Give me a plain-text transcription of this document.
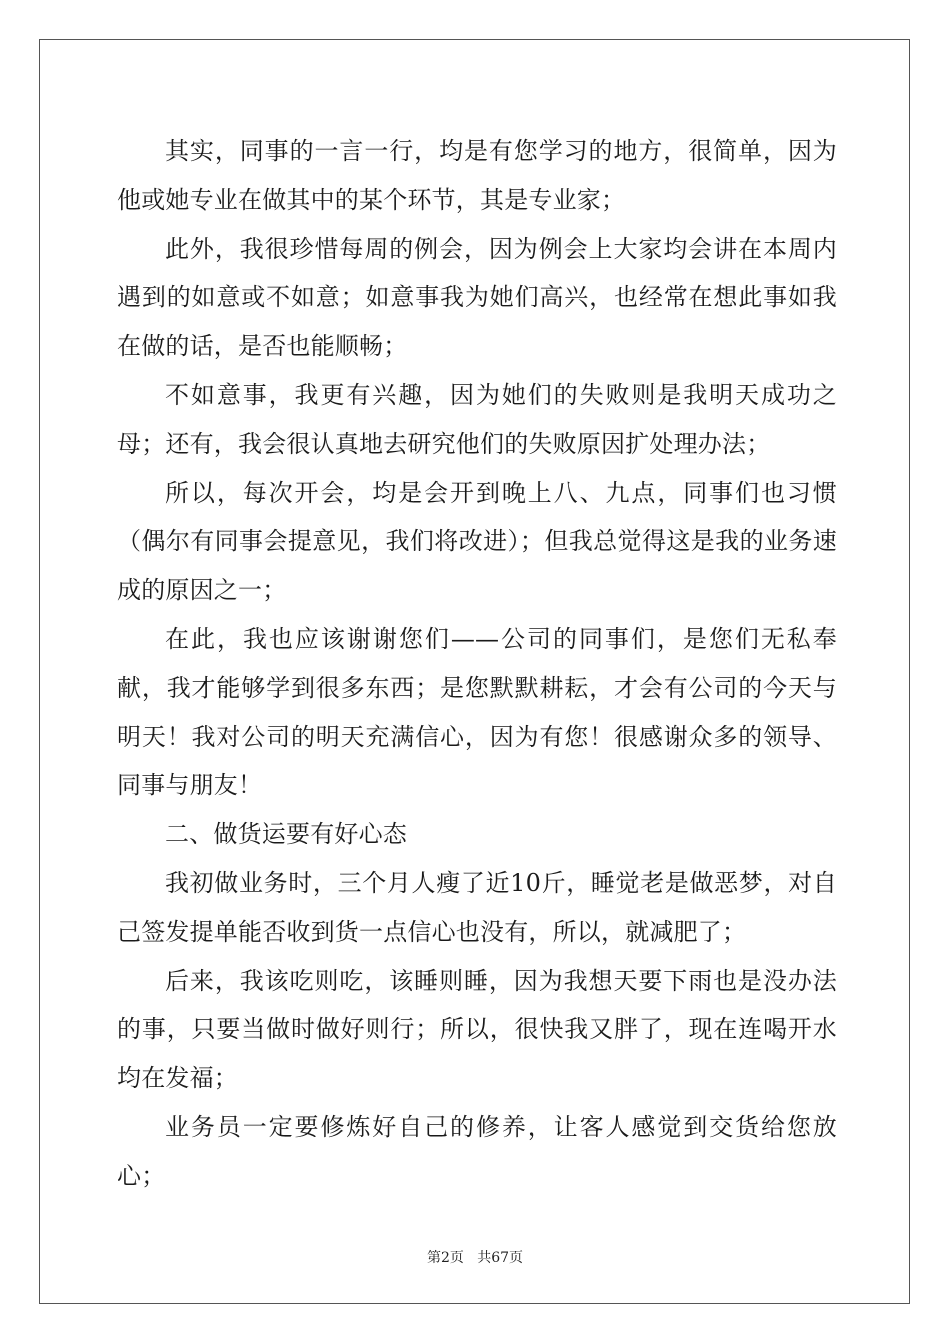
其实，同事的一言一行，均是有您学习的地方，很简单，因为他或她专业在做其中的某个环节，其是专业家；

此外，我很珍惜每周的例会，因为例会上大家均会讲在本周内遇到的如意或不如意；如意事我为她们高兴，也经常在想此事如我在做的话，是否也能顺畅；

不如意事，我更有兴趣，因为她们的失败则是我明天成功之母；还有，我会很认真地去研究他们的失败原因扩处理办法；

所以，每次开会，均是会开到晚上八、九点，同事们也习惯（偶尔有同事会提意见，我们将改进）；但我总觉得这是我的业务速成的原因之一；

在此，我也应该谢谢您们——公司的同事们，是您们无私奉献，我才能够学到很多东西；是您默默耕耘，才会有公司的今天与明天！我对公司的明天充满信心，因为有您！很感谢众多的领导、同事与朋友！

二、做货运要有好心态

我初做业务时，三个月人瘦了近10斤，睡觉老是做恶梦，对自己签发提单能否收到货一点信心也没有，所以，就减肥了；

后来，我该吃则吃，该睡则睡，因为我想天要下雨也是没办法的事，只要当做时做好则行；所以，很快我又胖了，现在连喝开水均在发福；

业务员一定要修炼好自己的修养，让客人感觉到交货给您放心；

第2页   共67页
